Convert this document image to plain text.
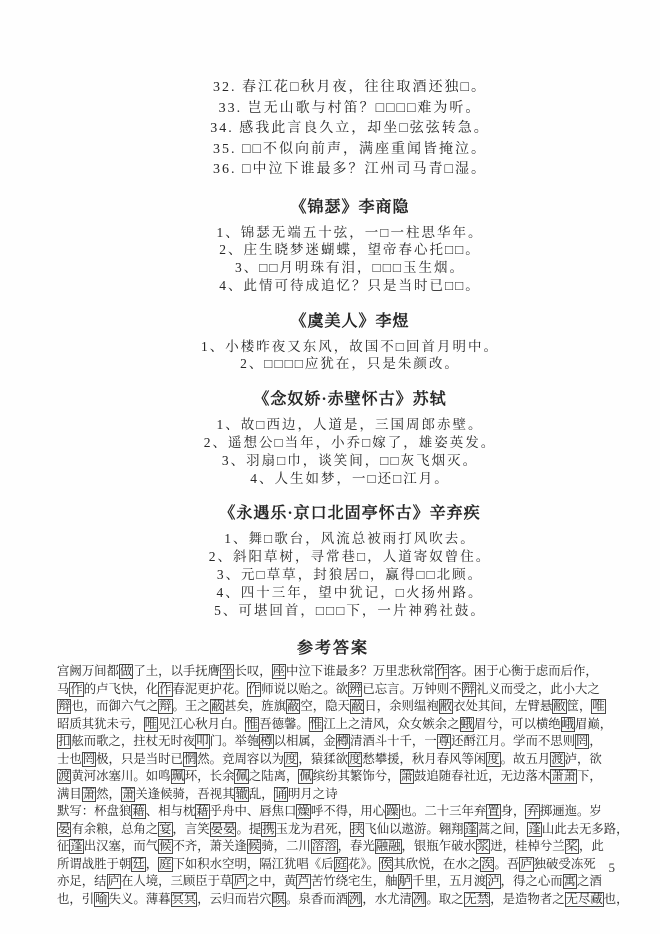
32. 春江花□秋月夜，往往取酒还独□。
33. 岂无山歌与村笛？□□□□难为听。
34. 感我此言良久立，却坐□弦弦转急。
35. □□不似向前声，满座重闻皆掩泣。
36. □中泣下谁最多？江州司马青□湿。
《锦瑟》李商隐
1、锦瑟无端五十弦，一□一柱思华年。
2、庄生晓梦迷蝴蝶，望帝春心托□□。
3、□□月明珠有泪，□□□玉生烟。
4、此情可待成追忆？只是当时已□□。
《虞美人》李煜
1、小楼昨夜又东风，故国不□回首月明中。
2、□□□□应犹在，只是朱颜改。
《念奴娇·赤壁怀古》苏轼
1、故□西边，人道是，三国周郎赤壁。
2、遥想公□当年，小乔□嫁了，雄姿英发。
3、羽扇□巾，谈笑间，□□灰飞烟灭。
4、人生如梦，一□还□江月。
《永遇乐·京口北固亭怀古》辛弃疾
1、舞□歌台，风流总被雨打风吹去。
2、斜阳草树，寻常巷□，人道寄奴曾住。
3、元□草草，封狼居□，赢得□□北顾。
4、四十三年，望中犹记，□火扬州路。
5、可堪回首，□□□下，一片神鸦社鼓。
参考答案
宫阙万间都做了土，以手抚膺坐长叹，座中泣下谁最多？万里悲秋常作客。困于心衡于虑而后作，
马作的卢飞快，化作春泥更护花。作师说以贻之。欲辨已忘言。万钟则不辩礼义而受之，此小大之
辩也，而御六气之辩。王之蔽甚矣，旌旗蔽空，隐天蔽日，余则缊袍敝衣处其间，左臂悬敝筐，唯
昭质其犹未亏，唯见江心秋月白。惟吾德馨。惟江上之清风，众女嫉余之蛾眉兮，可以横绝峨眉巅，
扣舷而歌之，拄杖无时夜叩门。举匏樽以相属，金樽清酒斗十千，一尊还酹江月。学而不思则罔，
士也罔极，只是当时已惘然。竞周容以为度，猿猱欲度愁攀援，秋月春风等闲度。故五月渡泸，欲
渡黄河冰塞川。如鸣珮环，长余佩之陆离，佩缤纷其繁饰兮，箫鼓追随春社近，无边落木萧萧下，
满目萧然，萧关逢候骑，吾视其辙乱，诵明月之诗
默写：杯盘狼藉、相与枕藉乎舟中、唇焦口燥呼不得，用心躁也。二十三年弃置身，弃掷逦迤。岁
晏有余粮，总角之宴，言笑晏晏。提携玉龙为君死，挟飞仙以遨游。翱翔蓬蒿之间，蓬山此去无多路，
征蓬出汉塞，而气候不齐，萧关逢候骑，二川溶溶，春光融融，银瓶乍破水浆迸，桂棹兮兰桨，此
所谓战胜于朝廷，庭下如积水空明，隔江犹唱《后庭花》。俟其欣悦，在水之涘。吾庐独破受冻死
亦足，结庐在人境，三顾臣于草庐之中，黄芦苦竹绕宅生，舳舻千里，五月渡泸，得之心而寓之酒
也，引喻失义。薄暮冥冥，云归而岩穴暝。泉香而酒洌，水尤清冽。取之无禁，是造物者之无尽藏也，
5
